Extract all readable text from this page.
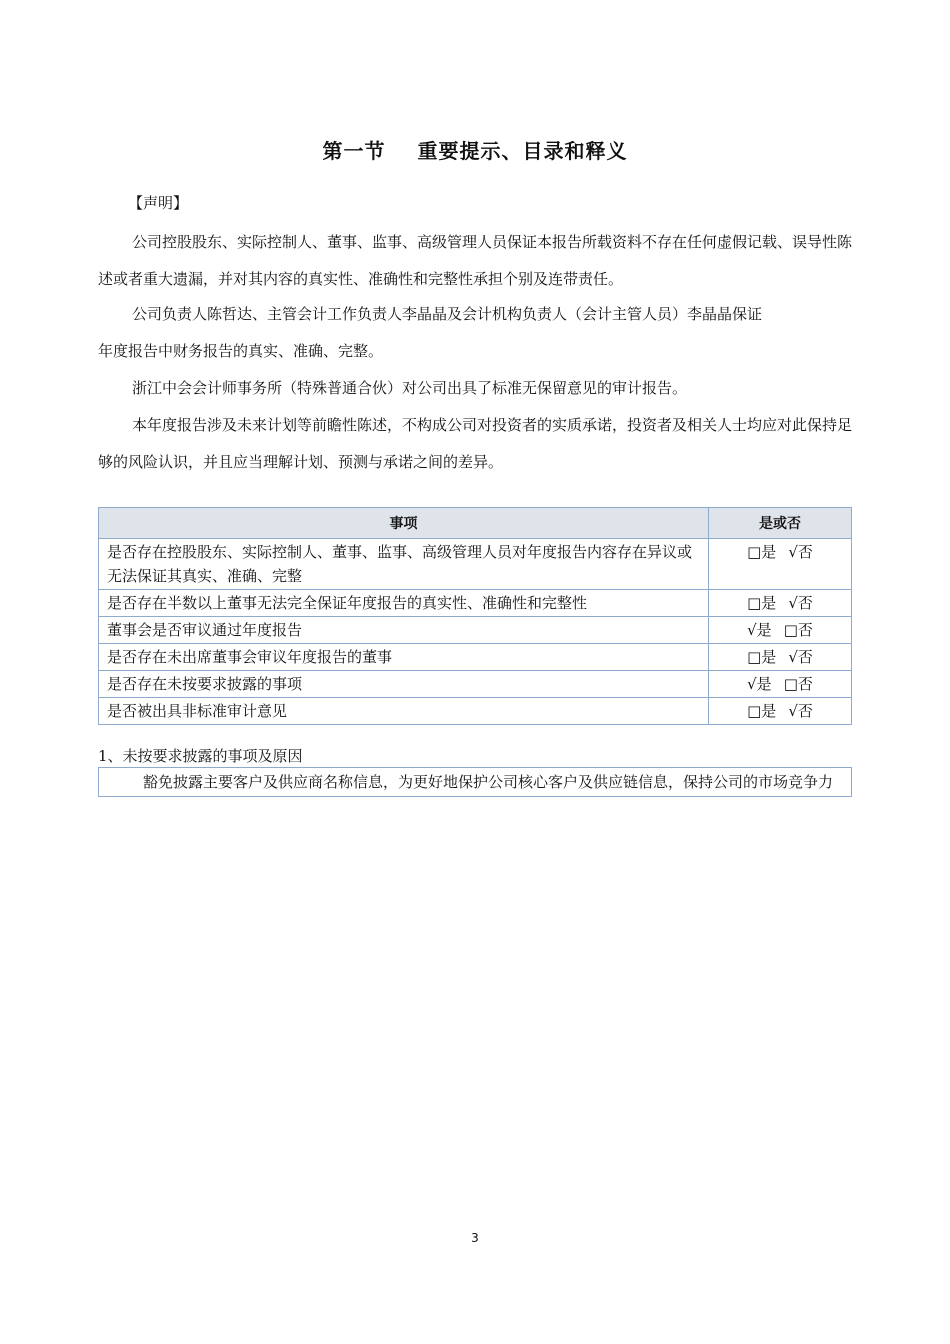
第一节 重要提示、目录和释义
【声明】

公司控股股东、实际控制人、董事、监事、高级管理人员保证本报告所载资料不存在任何虚假记载、误导性陈述或者重大遗漏，并对其内容的真实性、准确性和完整性承担个别及连带责任。

公司负责人陈哲达、主管会计工作负责人李晶晶及会计机构负责人（会计主管人员）李晶晶保证

年度报告中财务报告的真实、准确、完整。

浙江中会会计师事务所（特殊普通合伙）对公司出具了标准无保留意见的审计报告。

本年度报告涉及未来计划等前瞻性陈述，不构成公司对投资者的实质承诺，投资者及相关人士均应对此保持足够的风险认识，并且应当理解计划、预测与承诺之间的差异。

事项	是或否
是否存在控股股东、实际控制人、董事、监事、高级管理人员对年度报告内容存在异议或无法保证其真实、准确、完整	□是 √否
是否存在半数以上董事无法完全保证年度报告的真实性、准确性和完整性	□是 √否
董事会是否审议通过年度报告	√是 □否
是否存在未出席董事会审议年度报告的董事	□是 √否
是否存在未按要求披露的事项	√是 □否
是否被出具非标准审计意见	□是 √否
1、未按要求披露的事项及原因
豁免披露主要客户及供应商名称信息，为更好地保护公司核心客户及供应链信息，保持公司的市场竞争力
3
